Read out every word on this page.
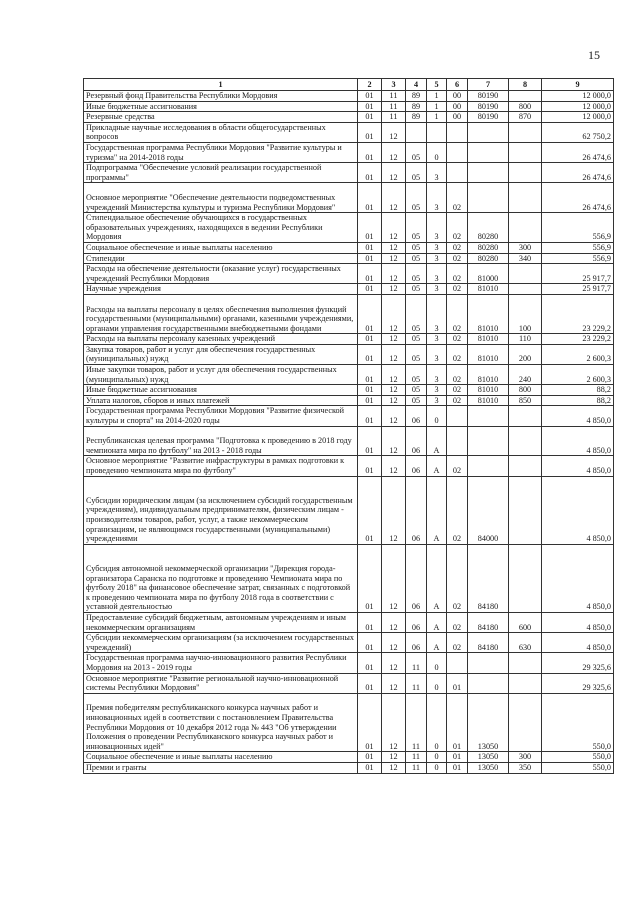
15
1	2	3	4	5	6	7	8	9
Резервный фонд Правительства Республики Мордовия	01	11	89	1	00	80190		12 000,0
Иные бюджетные ассигнования	01	11	89	1	00	80190	800	12 000,0
Резервные средства	01	11	89	1	00	80190	870	12 000,0
Прикладные научные исследования в области общегосударственных вопросов	01	12						62 750,2
Государственная программа Республики Мордовия "Развитие культуры и туризма" на 2014-2018 годы	01	12	05	0				26 474,6
Подпрограмма "Обеспечение условий реализации государственной программы"	01	12	05	3				26 474,6
Основное мероприятие "Обеспечение деятельности подведомственных учреждений Министерства культуры и туризма Республики Мордовия"	01	12	05	3	02			26 474,6
Стипендиальное обеспечение обучающихся в государственных образовательных учреждениях, находящихся в ведении Республики Мордовия	01	12	05	3	02	80280		556,9
Социальное обеспечение и иные выплаты населению	01	12	05	3	02	80280	300	556,9
Стипендии	01	12	05	3	02	80280	340	556,9
Расходы на обеспечение деятельности (оказание услуг) государственных учреждений Республики Мордовия	01	12	05	3	02	81000		25 917,7
Научные учреждения	01	12	05	3	02	81010		25 917,7
Расходы на выплаты персоналу в целях обеспечения выполнения функций государственными (муниципальными) органами, казенными учреждениями, органами управления государственными внебюджетными фондами	01	12	05	3	02	81010	100	23 229,2
Расходы на выплаты персоналу казенных учреждений	01	12	05	3	02	81010	110	23 229,2
Закупка товаров, работ и услуг для обеспечения государственных (муниципальных) нужд	01	12	05	3	02	81010	200	2 600,3
Иные закупки товаров, работ и услуг для обеспечения государственных (муниципальных) нужд	01	12	05	3	02	81010	240	2 600,3
Иные бюджетные ассигнования	01	12	05	3	02	81010	800	88,2
Уплата налогов, сборов и иных платежей	01	12	05	3	02	81010	850	88,2
Государственная программа Республики Мордовия "Развитие физической культуры и спорта" на 2014-2020 годы	01	12	06	0				4 850,0
Республиканская целевая программа "Подготовка к проведению в 2018 году чемпионата мира по футболу" на 2013 - 2018 годы	01	12	06	А				4 850,0
Основное мероприятие "Развитие инфраструктуры в рамках подготовки к проведению чемпионата мира по футболу"	01	12	06	А	02			4 850,0
Субсидии юридическим лицам (за исключением субсидий государственным учреждениям), индивидуальным предпринимателям, физическим лицам - производителям товаров, работ, услуг, а также некоммерческим организациям, не являющимся государственными (муниципальными) учреждениями	01	12	06	А	02	84000		4 850,0
Субсидия автономной некоммерческой организации "Дирекция города-организатора Саранска по подготовке и проведению Чемпионата мира по футболу 2018" на финансовое обеспечение затрат, связанных с подготовкой к проведению чемпионата мира по футболу 2018 года в соответствии с уставной деятельностью	01	12	06	А	02	84180		4 850,0
Предоставление субсидий бюджетным, автономным учреждениям и иным некоммерческим организациям	01	12	06	А	02	84180	600	4 850,0
Субсидии некоммерческим организациям (за исключением государственных учреждений)	01	12	06	А	02	84180	630	4 850,0
Государственная программа научно-инновационного развития Республики Мордовия на 2013 - 2019 годы	01	12	11	0				29 325,6
Основное мероприятие "Развитие региональной научно-инновационной системы Республики Мордовия"	01	12	11	0	01			29 325,6
Премия победителям республиканского конкурса научных работ и инновационных идей в соответствии с постановлением Правительства Республики Мордовия от 10 декабря 2012 года № 443 "Об утверждении Положения о проведении Республиканского конкурса научных работ и инновационных идей"	01	12	11	0	01	13050		550,0
Социальное обеспечение и иные выплаты населению	01	12	11	0	01	13050	300	550,0
Премии и гранты	01	12	11	0	01	13050	350	550,0
